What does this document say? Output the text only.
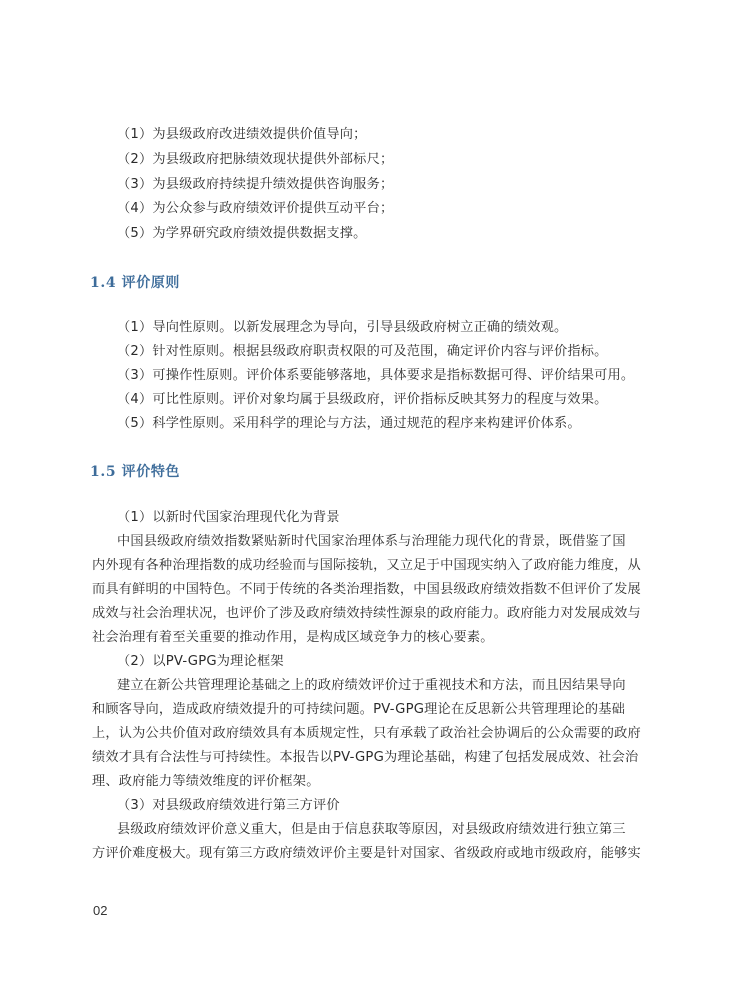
（1）为县级政府改进绩效提供价值导向；
（2）为县级政府把脉绩效现状提供外部标尺；
（3）为县级政府持续提升绩效提供咨询服务；
（4）为公众参与政府绩效评价提供互动平台；
（5）为学界研究政府绩效提供数据支撑。
1.4 评价原则
（1）导向性原则。以新发展理念为导向，引导县级政府树立正确的绩效观。
（2）针对性原则。根据县级政府职责权限的可及范围，确定评价内容与评价指标。
（3）可操作性原则。评价体系要能够落地，具体要求是指标数据可得、评价结果可用。
（4）可比性原则。评价对象均属于县级政府，评价指标反映其努力的程度与效果。
（5）科学性原则。采用科学的理论与方法，通过规范的程序来构建评价体系。
1.5 评价特色
（1）以新时代国家治理现代化为背景
中国县级政府绩效指数紧贴新时代国家治理体系与治理能力现代化的背景，既借鉴了国
内外现有各种治理指数的成功经验而与国际接轨，又立足于中国现实纳入了政府能力维度，从
而具有鲜明的中国特色。不同于传统的各类治理指数，中国县级政府绩效指数不但评价了发展
成效与社会治理状况，也评价了涉及政府绩效持续性源泉的政府能力。政府能力对发展成效与
社会治理有着至关重要的推动作用，是构成区域竞争力的核心要素。
（2）以PV-GPG为理论框架
建立在新公共管理理论基础之上的政府绩效评价过于重视技术和方法，而且因结果导向
和顾客导向，造成政府绩效提升的可持续问题。PV-GPG理论在反思新公共管理理论的基础
上，认为公共价值对政府绩效具有本质规定性，只有承载了政治社会协调后的公众需要的政府
绩效才具有合法性与可持续性。本报告以PV-GPG为理论基础，构建了包括发展成效、社会治
理、政府能力等绩效维度的评价框架。
（3）对县级政府绩效进行第三方评价
县级政府绩效评价意义重大，但是由于信息获取等原因，对县级政府绩效进行独立第三
方评价难度极大。现有第三方政府绩效评价主要是针对国家、省级政府或地市级政府，能够实
02
